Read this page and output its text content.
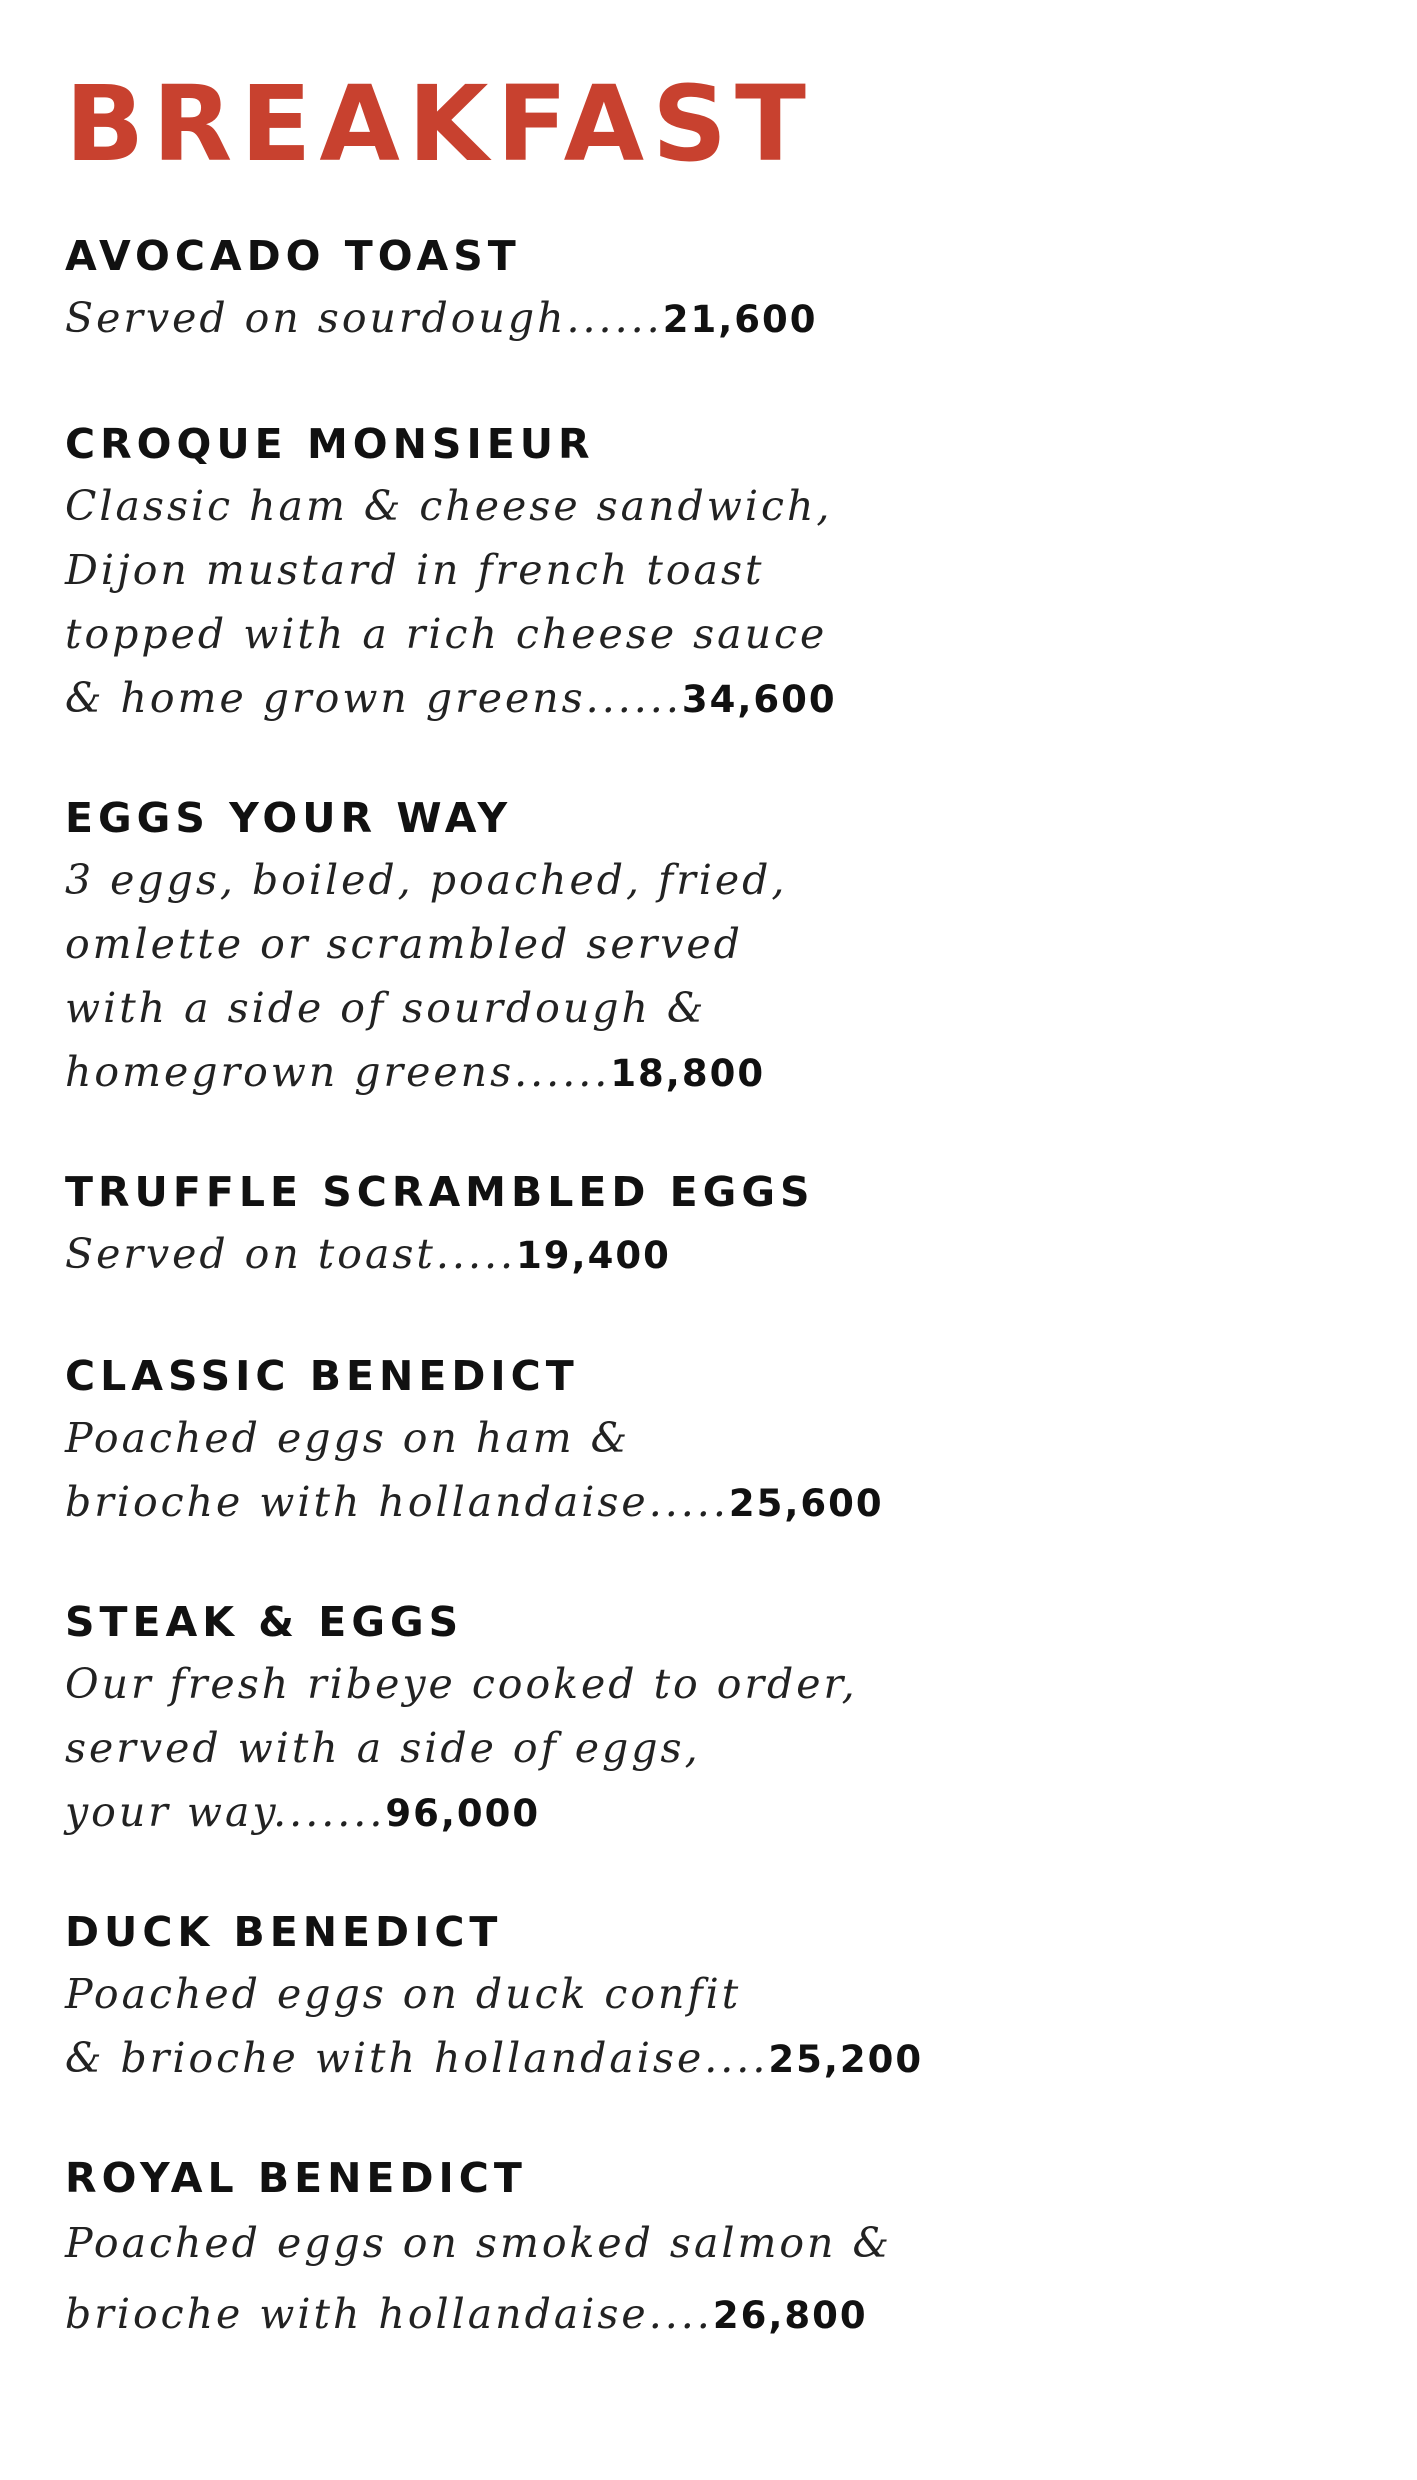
BREAKFAST
AVOCADO TOAST
Served on sourdough......21,600
CROQUE MONSIEUR
Classic ham & cheese sandwich,
Dijon mustard in french toast
topped with a rich cheese sauce
& home grown greens......34,600
EGGS YOUR WAY
3 eggs, boiled, poached, fried,
omlette or scrambled served
with a side of sourdough &
homegrown greens......18,800
TRUFFLE SCRAMBLED EGGS
Served on toast.....19,400
CLASSIC BENEDICT
Poached eggs on ham &
brioche with hollandaise.....25,600
STEAK & EGGS
Our fresh ribeye cooked to order,
served with a side of eggs,
your way.......96,000
DUCK BENEDICT
Poached eggs on duck confit
& brioche with hollandaise....25,200
ROYAL BENEDICT
Poached eggs on smoked salmon &
brioche with hollandaise....26,800
